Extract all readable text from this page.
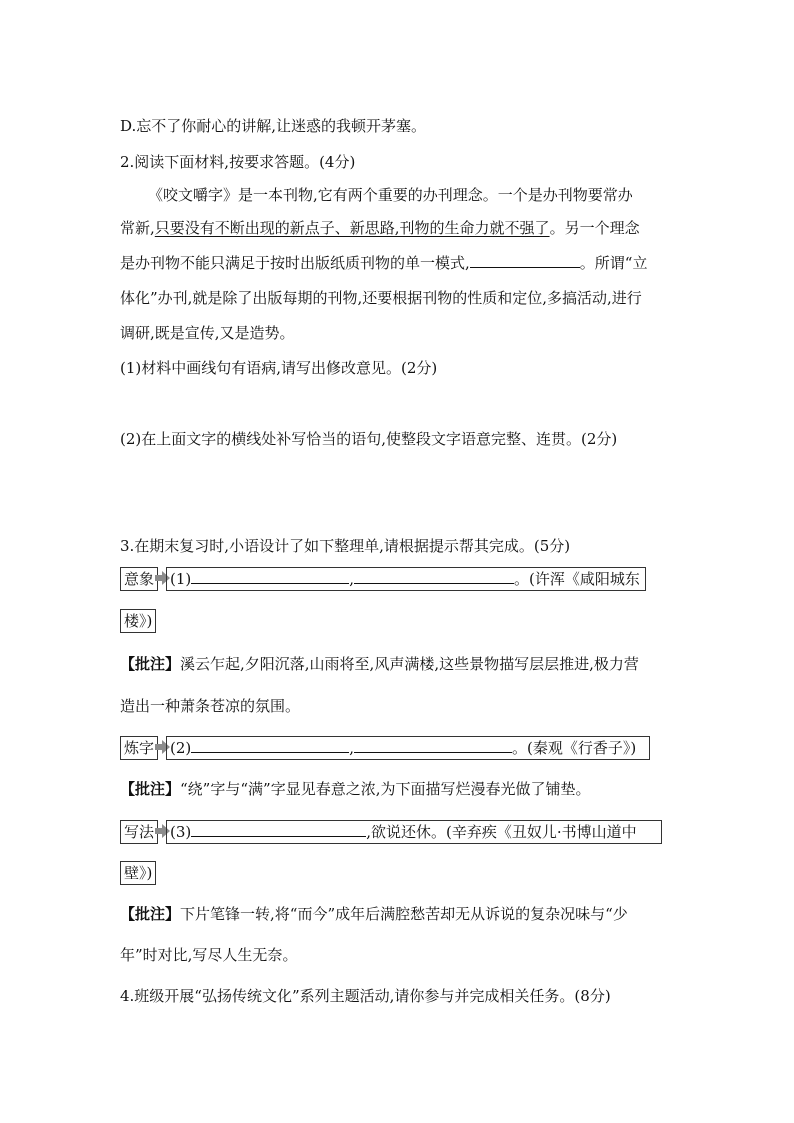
D.忘不了你耐心的讲解,让迷惑的我顿开茅塞。
2.阅读下面材料,按要求答题。(4分)
《咬文嚼字》是一本刊物,它有两个重要的办刊理念。一个是办刊物要常办
常新,只要没有不断出现的新点子、新思路,刊物的生命力就不强了。另一个理念
是办刊物不能只满足于按时出版纸质刊物的单一模式,	。所谓“立
体化”办刊,就是除了出版每期的刊物,还要根据刊物的性质和定位,多搞活动,进行
调研,既是宣传,又是造势。
(1)材料中画线句有语病,请写出修改意见。(2分)
(2)在上面文字的横线处补写恰当的语句,使整段文字语意完整、连贯。(2分)
3.在期末复习时,小语设计了如下整理单,请根据提示帮其完成。(5分)
意象 (1)	,	。(许浑《咸阳城东
楼》)
【批注】溪云乍起,夕阳沉落,山雨将至,风声满楼,这些景物描写层层推进,极力营
造出一种萧条苍凉的氛围。
炼字 (2)	,	。(秦观《行香子》)
【批注】“绕”字与“满”字显见春意之浓,为下面描写烂漫春光做了铺垫。
写法 (3)	,欲说还休。(辛弃疾《丑奴儿·书博山道中
壁》)
【批注】下片笔锋一转,将“而今”成年后满腔愁苦却无从诉说的复杂况味与“少
年”时对比,写尽人生无奈。
4.班级开展“弘扬传统文化”系列主题活动,请你参与并完成相关任务。(8分)
